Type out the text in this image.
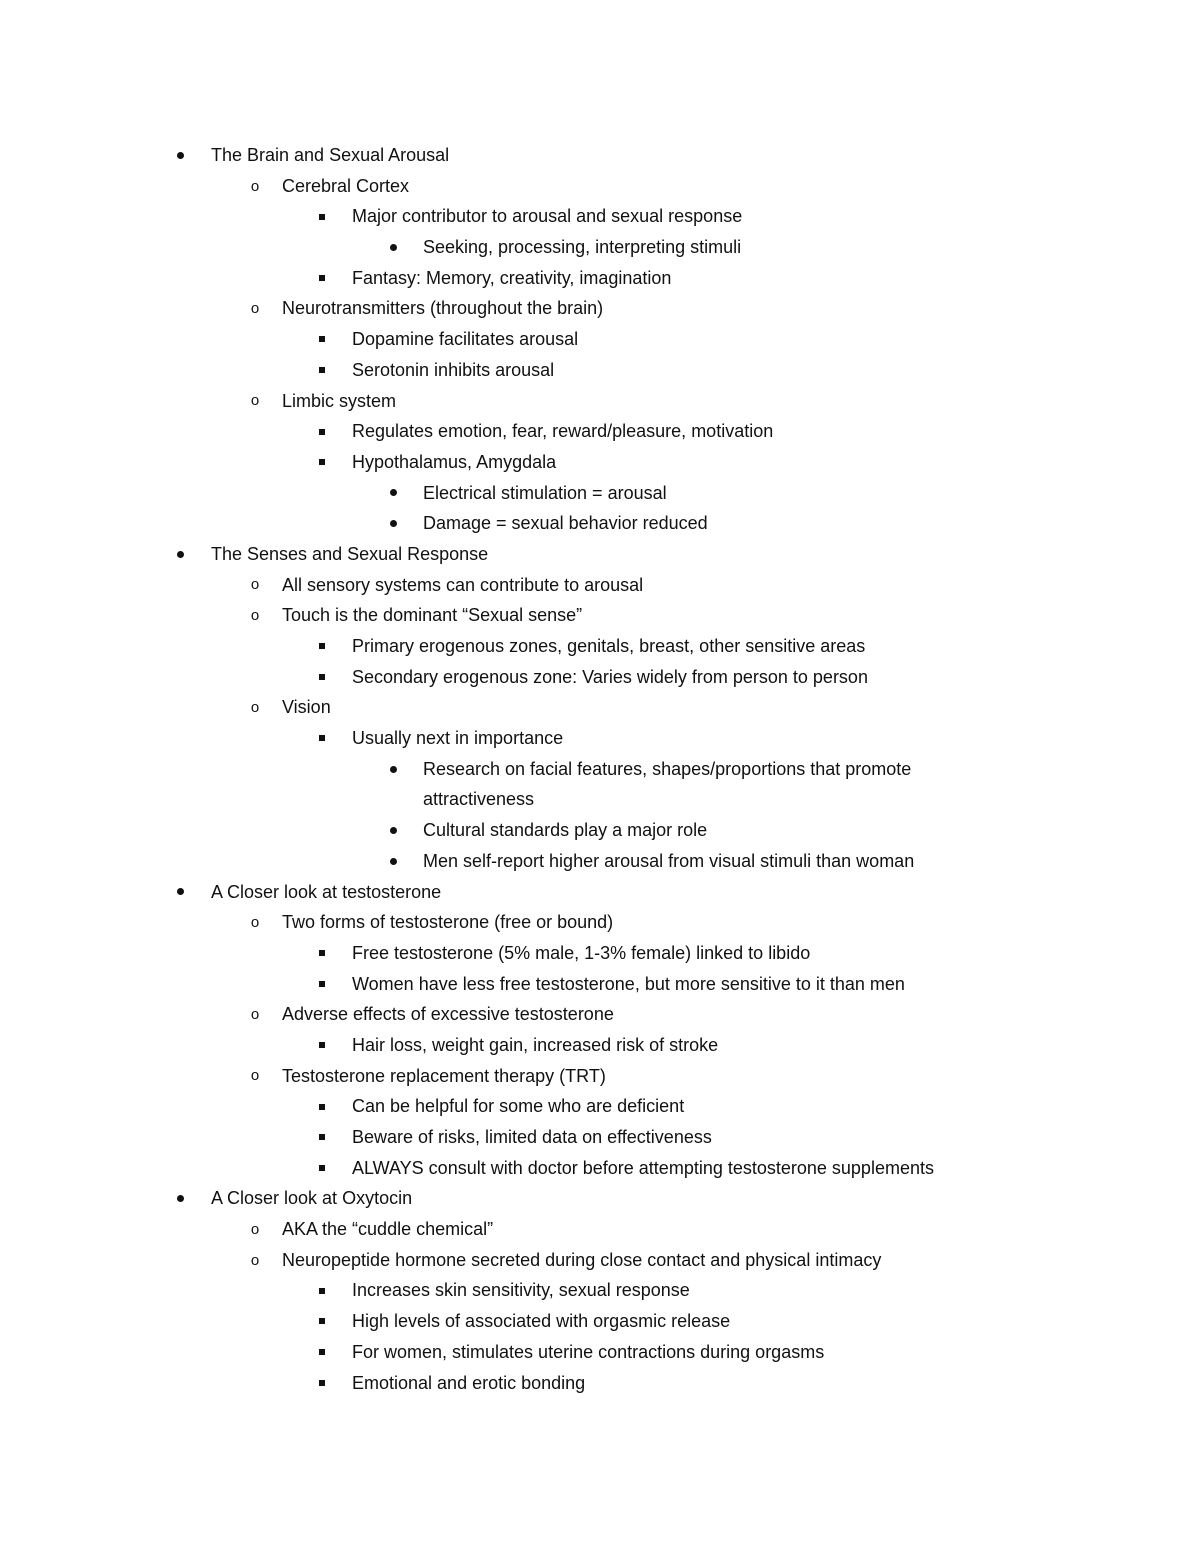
The Brain and Sexual Arousal
o Cerebral Cortex
Major contributor to arousal and sexual response
Seeking, processing, interpreting stimuli
Fantasy: Memory, creativity, imagination
o Neurotransmitters (throughout the brain)
Dopamine facilitates arousal
Serotonin inhibits arousal
o Limbic system
Regulates emotion, fear, reward/pleasure, motivation
Hypothalamus, Amygdala
Electrical stimulation = arousal
Damage = sexual behavior reduced
The Senses and Sexual Response
o All sensory systems can contribute to arousal
o Touch is the dominant “Sexual sense”
Primary erogenous zones, genitals, breast, other sensitive areas
Secondary erogenous zone: Varies widely from person to person
o Vision
Usually next in importance
Research on facial features, shapes/proportions that promote
attractiveness
Cultural standards play a major role
Men self-report higher arousal from visual stimuli than woman
A Closer look at testosterone
o Two forms of testosterone (free or bound)
Free testosterone (5% male, 1-3% female) linked to libido
Women have less free testosterone, but more sensitive to it than men
o Adverse effects of excessive testosterone
Hair loss, weight gain, increased risk of stroke
o Testosterone replacement therapy (TRT)
Can be helpful for some who are deficient
Beware of risks, limited data on effectiveness
ALWAYS consult with doctor before attempting testosterone supplements
A Closer look at Oxytocin
o AKA the “cuddle chemical”
o Neuropeptide hormone secreted during close contact and physical intimacy
Increases skin sensitivity, sexual response
High levels of associated with orgasmic release
For women, stimulates uterine contractions during orgasms
Emotional and erotic bonding
